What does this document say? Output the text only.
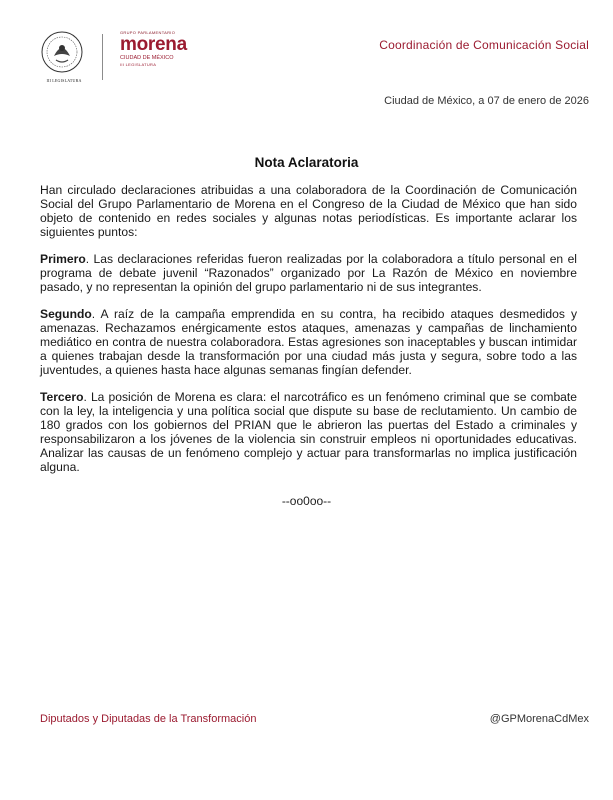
III LEGISLATURA
GRUPO PARLAMENTARIO
morena
CIUDAD DE MÉXICO
III LEGISLATURA
Coordinación de Comunicación Social
Ciudad de México, a 07 de enero de 2026
Nota Aclaratoria

Han circulado declaraciones atribuidas a una colaboradora de la Coordinación de Comunicación Social del Grupo Parlamentario de Morena en el Congreso de la Ciudad de México que han sido objeto de contenido en redes sociales y algunas notas periodísticas. Es importante aclarar los siguientes puntos:

Primero. Las declaraciones referidas fueron realizadas por la colaboradora a título personal en el programa de debate juvenil “Razonados” organizado por La Razón de México en noviembre pasado, y no representan la opinión del grupo parlamentario ni de sus integrantes.

Segundo. A raíz de la campaña emprendida en su contra, ha recibido ataques desmedidos y amenazas. Rechazamos enérgicamente estos ataques, amenazas y campañas de linchamiento mediático en contra de nuestra colaboradora. Estas agresiones son inaceptables y buscan intimidar a quienes trabajan desde la transformación por una ciudad más justa y segura, sobre todo a las juventudes, a quienes hasta hace algunas semanas fingían defender.

Tercero. La posición de Morena es clara: el narcotráfico es un fenómeno criminal que se combate con la ley, la inteligencia y una política social que dispute su base de reclutamiento. Un cambio de 180 grados con los gobiernos del PRIAN que le abrieron las puertas del Estado a criminales y responsabilizaron a los jóvenes de la violencia sin construir empleos ni oportunidades educativas. Analizar las causas de un fenómeno complejo y actuar para transformarlas no implica justificación alguna.

--oo0oo--
Diputados y Diputadas de la Transformación	@GPMorenaCdMex
